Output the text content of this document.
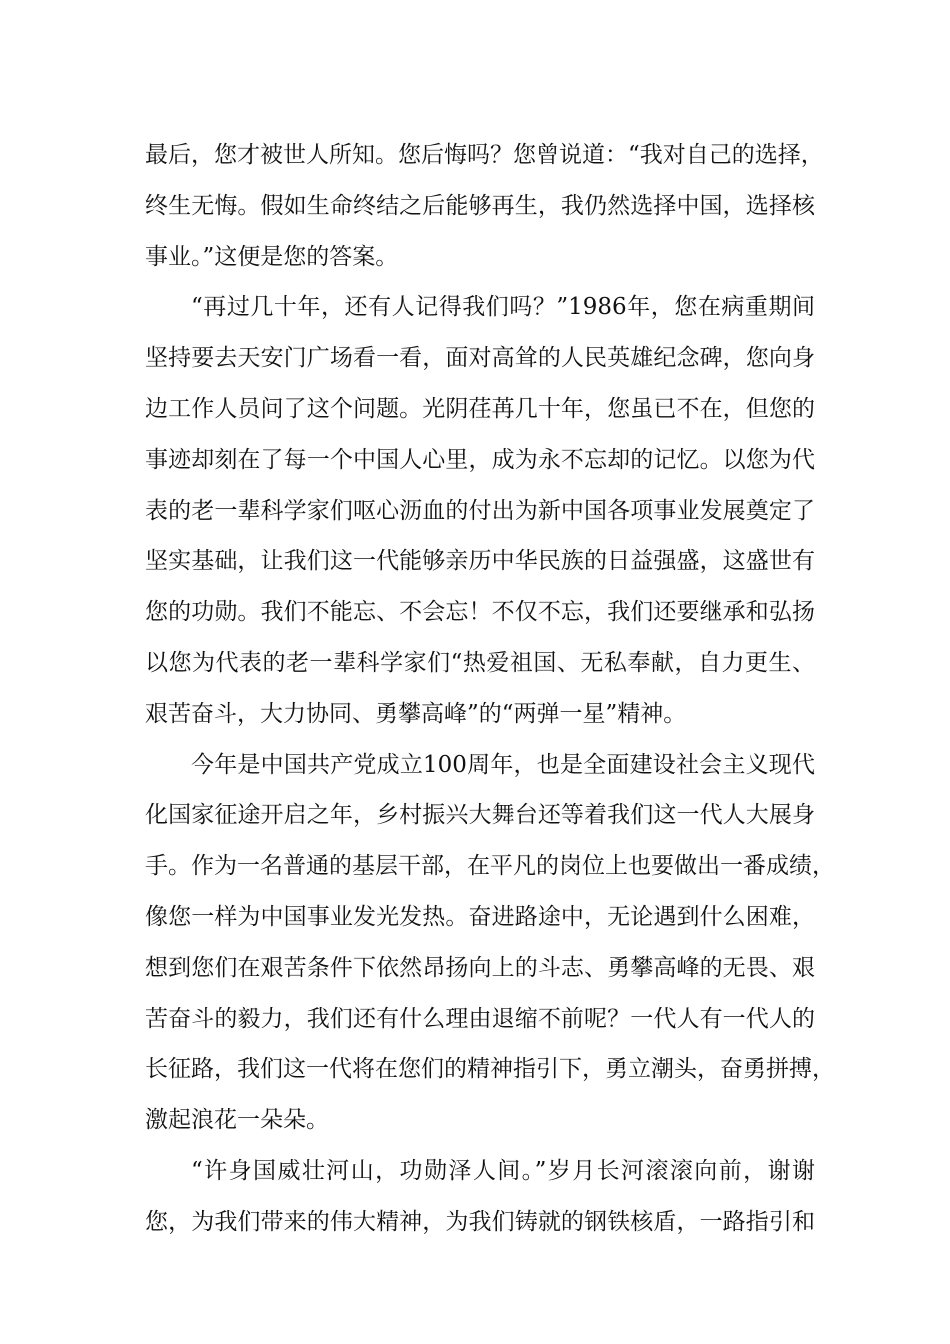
最后，您才被世人所知。您后悔吗？您曾说道：“我对自己的选择，
终生无悔。假如生命终结之后能够再生，我仍然选择中国，选择核
事业。”这便是您的答案。
“再过几十年，还有人记得我们吗？”1986年，您在病重期间
坚持要去天安门广场看一看，面对高耸的人民英雄纪念碑，您向身
边工作人员问了这个问题。光阴荏苒几十年，您虽已不在，但您的
事迹却刻在了每一个中国人心里，成为永不忘却的记忆。以您为代
表的老一辈科学家们呕心沥血的付出为新中国各项事业发展奠定了
坚实基础，让我们这一代能够亲历中华民族的日益强盛，这盛世有
您的功勋。我们不能忘、不会忘！不仅不忘，我们还要继承和弘扬
以您为代表的老一辈科学家们“热爱祖国、无私奉献，自力更生、
艰苦奋斗，大力协同、勇攀高峰”的“两弹一星”精神。
今年是中国共产党成立100周年，也是全面建设社会主义现代
化国家征途开启之年，乡村振兴大舞台还等着我们这一代人大展身
手。作为一名普通的基层干部，在平凡的岗位上也要做出一番成绩，
像您一样为中国事业发光发热。奋进路途中，无论遇到什么困难，
想到您们在艰苦条件下依然昂扬向上的斗志、勇攀高峰的无畏、艰
苦奋斗的毅力，我们还有什么理由退缩不前呢？一代人有一代人的
长征路，我们这一代将在您们的精神指引下，勇立潮头，奋勇拼搏，
激起浪花一朵朵。
“许身国威壮河山，功勋泽人间。”岁月长河滚滚向前，谢谢
您，为我们带来的伟大精神，为我们铸就的钢铁核盾，一路指引和
